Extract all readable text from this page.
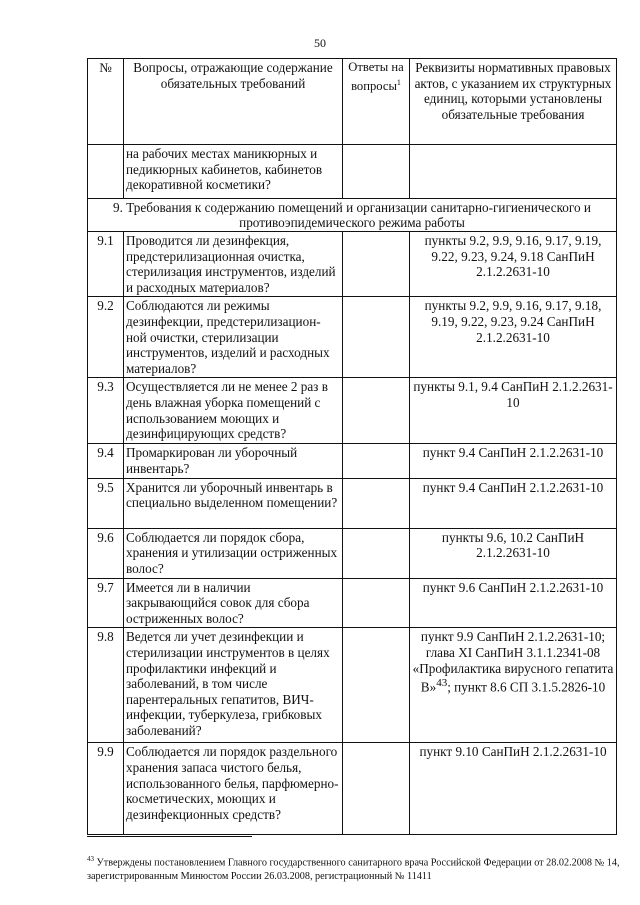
50
№	Вопросы, отражающие содержание обязательных требований	Ответы на вопросы$^1$	Реквизиты нормативных правовых актов, с указанием их структурных единиц, которыми установлены обязательные требования
	на рабочих местах маникюрных и педикюрных кабинетов, кабинетов декоративной косметики?		
9. Требования к содержанию помещений и организации санитарно-гигиенического и противоэпидемического режима работы			
9.1	Проводится ли дезинфекция, предстерилизационная очистка, стерилизация инструментов, изделий и расходных материалов?		пункты 9.2, 9.9, 9.16, 9.17, 9.19, 9.22, 9.23, 9.24, 9.18 СанПиН 2.1.2.2631-10
9.2	Соблюдаются ли режимы дезинфекции, предстерилизацион-ной очистки, стерилизации инструментов, изделий и расходных материалов?		пункты 9.2, 9.9, 9.16, 9.17, 9.18, 9.19, 9.22, 9.23, 9.24 СанПиН 2.1.2.2631-10
9.3	Осуществляется ли не менее 2 раз в день влажная уборка помещений с использованием моющих и дезинфицирующих средств?		пункты 9.1, 9.4 СанПиН 2.1.2.2631-10
9.4	Промаркирован ли уборочный инвентарь?		пункт 9.4 СанПиН 2.1.2.2631-10
9.5	Хранится ли уборочный инвентарь в специально выделенном помещении?		пункт 9.4 СанПиН 2.1.2.2631-10
9.6	Соблюдается ли порядок сбора, хранения и утилизации остриженных волос?		пункты 9.6, 10.2 СанПиН 2.1.2.2631-10
9.7	Имеется ли в наличии закрывающийся совок для сбора остриженных волос?		пункт 9.6 СанПиН 2.1.2.2631-10
9.8	Ведется ли учет дезинфекции и стерилизации инструментов в целях профилактики инфекций и заболеваний, в том числе парентеральных гепатитов, ВИЧ-инфекции, туберкулеза, грибковых заболеваний?		пункт 9.9 СанПиН 2.1.2.2631-10; глава XI СанПиН 3.1.1.2341-08 «Профилактика вирусного гепатита В»$^{43}$; пункт 8.6 СП 3.1.5.2826-10
9.9	Соблюдается ли порядок раздельного хранения запаса чистого белья, использованного белья, парфюмерно-косметических, моющих и дезинфекционных средств?		пункт 9.10 СанПиН 2.1.2.2631-10
$^{43}$ Утверждены постановлением Главного государственного санитарного врача Российской Федерации от 28.02.2008 № 14, зарегистрированным Минюстом России 26.03.2008, регистрационный № 11411
